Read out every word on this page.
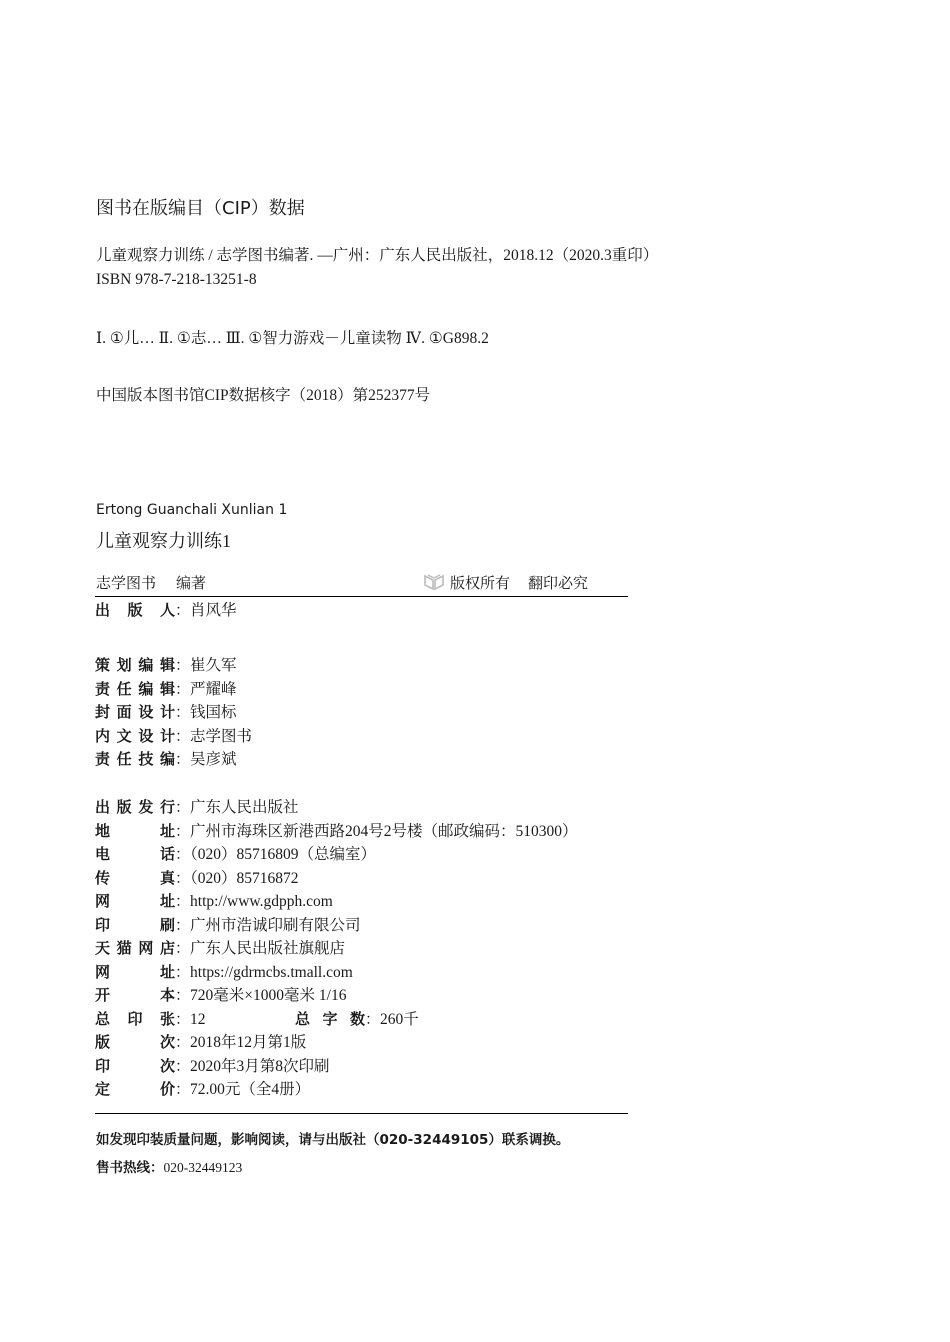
图书在版编目（CIP）数据
儿童观察力训练 / 志学图书编著. —广州：广东人民出版社，2018.12（2020.3重印）
ISBN 978-7-218-13251-8
Ⅰ. ①儿… Ⅱ. ①志… Ⅲ. ①智力游戏－儿童读物 Ⅳ. ①G898.2
中国版本图书馆CIP数据核字（2018）第252377号
Ertong Guanchali Xunlian 1
儿童观察力训练1
志学图书 编著	版权所有 翻印必究
出版人：肖风华
策划编辑：崔久军
责任编辑：严耀峰
封面设计：钱国标
内文设计：志学图书
责任技编：吴彦斌
出版发行：广东人民出版社
地址：广州市海珠区新港西路204号2号楼（邮政编码：510300）
电话：（020）85716809（总编室）
传真：（020）85716872
网址：http://www.gdpph.com
印刷：广州市浩诚印刷有限公司
天猫网店：广东人民出版社旗舰店
网址：https://gdrmcbs.tmall.com
开本：720毫米×1000毫米 1/16
总印张：12	总字数：260千
版次：2018年12月第1版
印次：2020年3月第8次印刷
定价：72.00元（全4册）
如发现印装质量问题，影响阅读，请与出版社（020-32449105）联系调换。
售书热线：020-32449123
